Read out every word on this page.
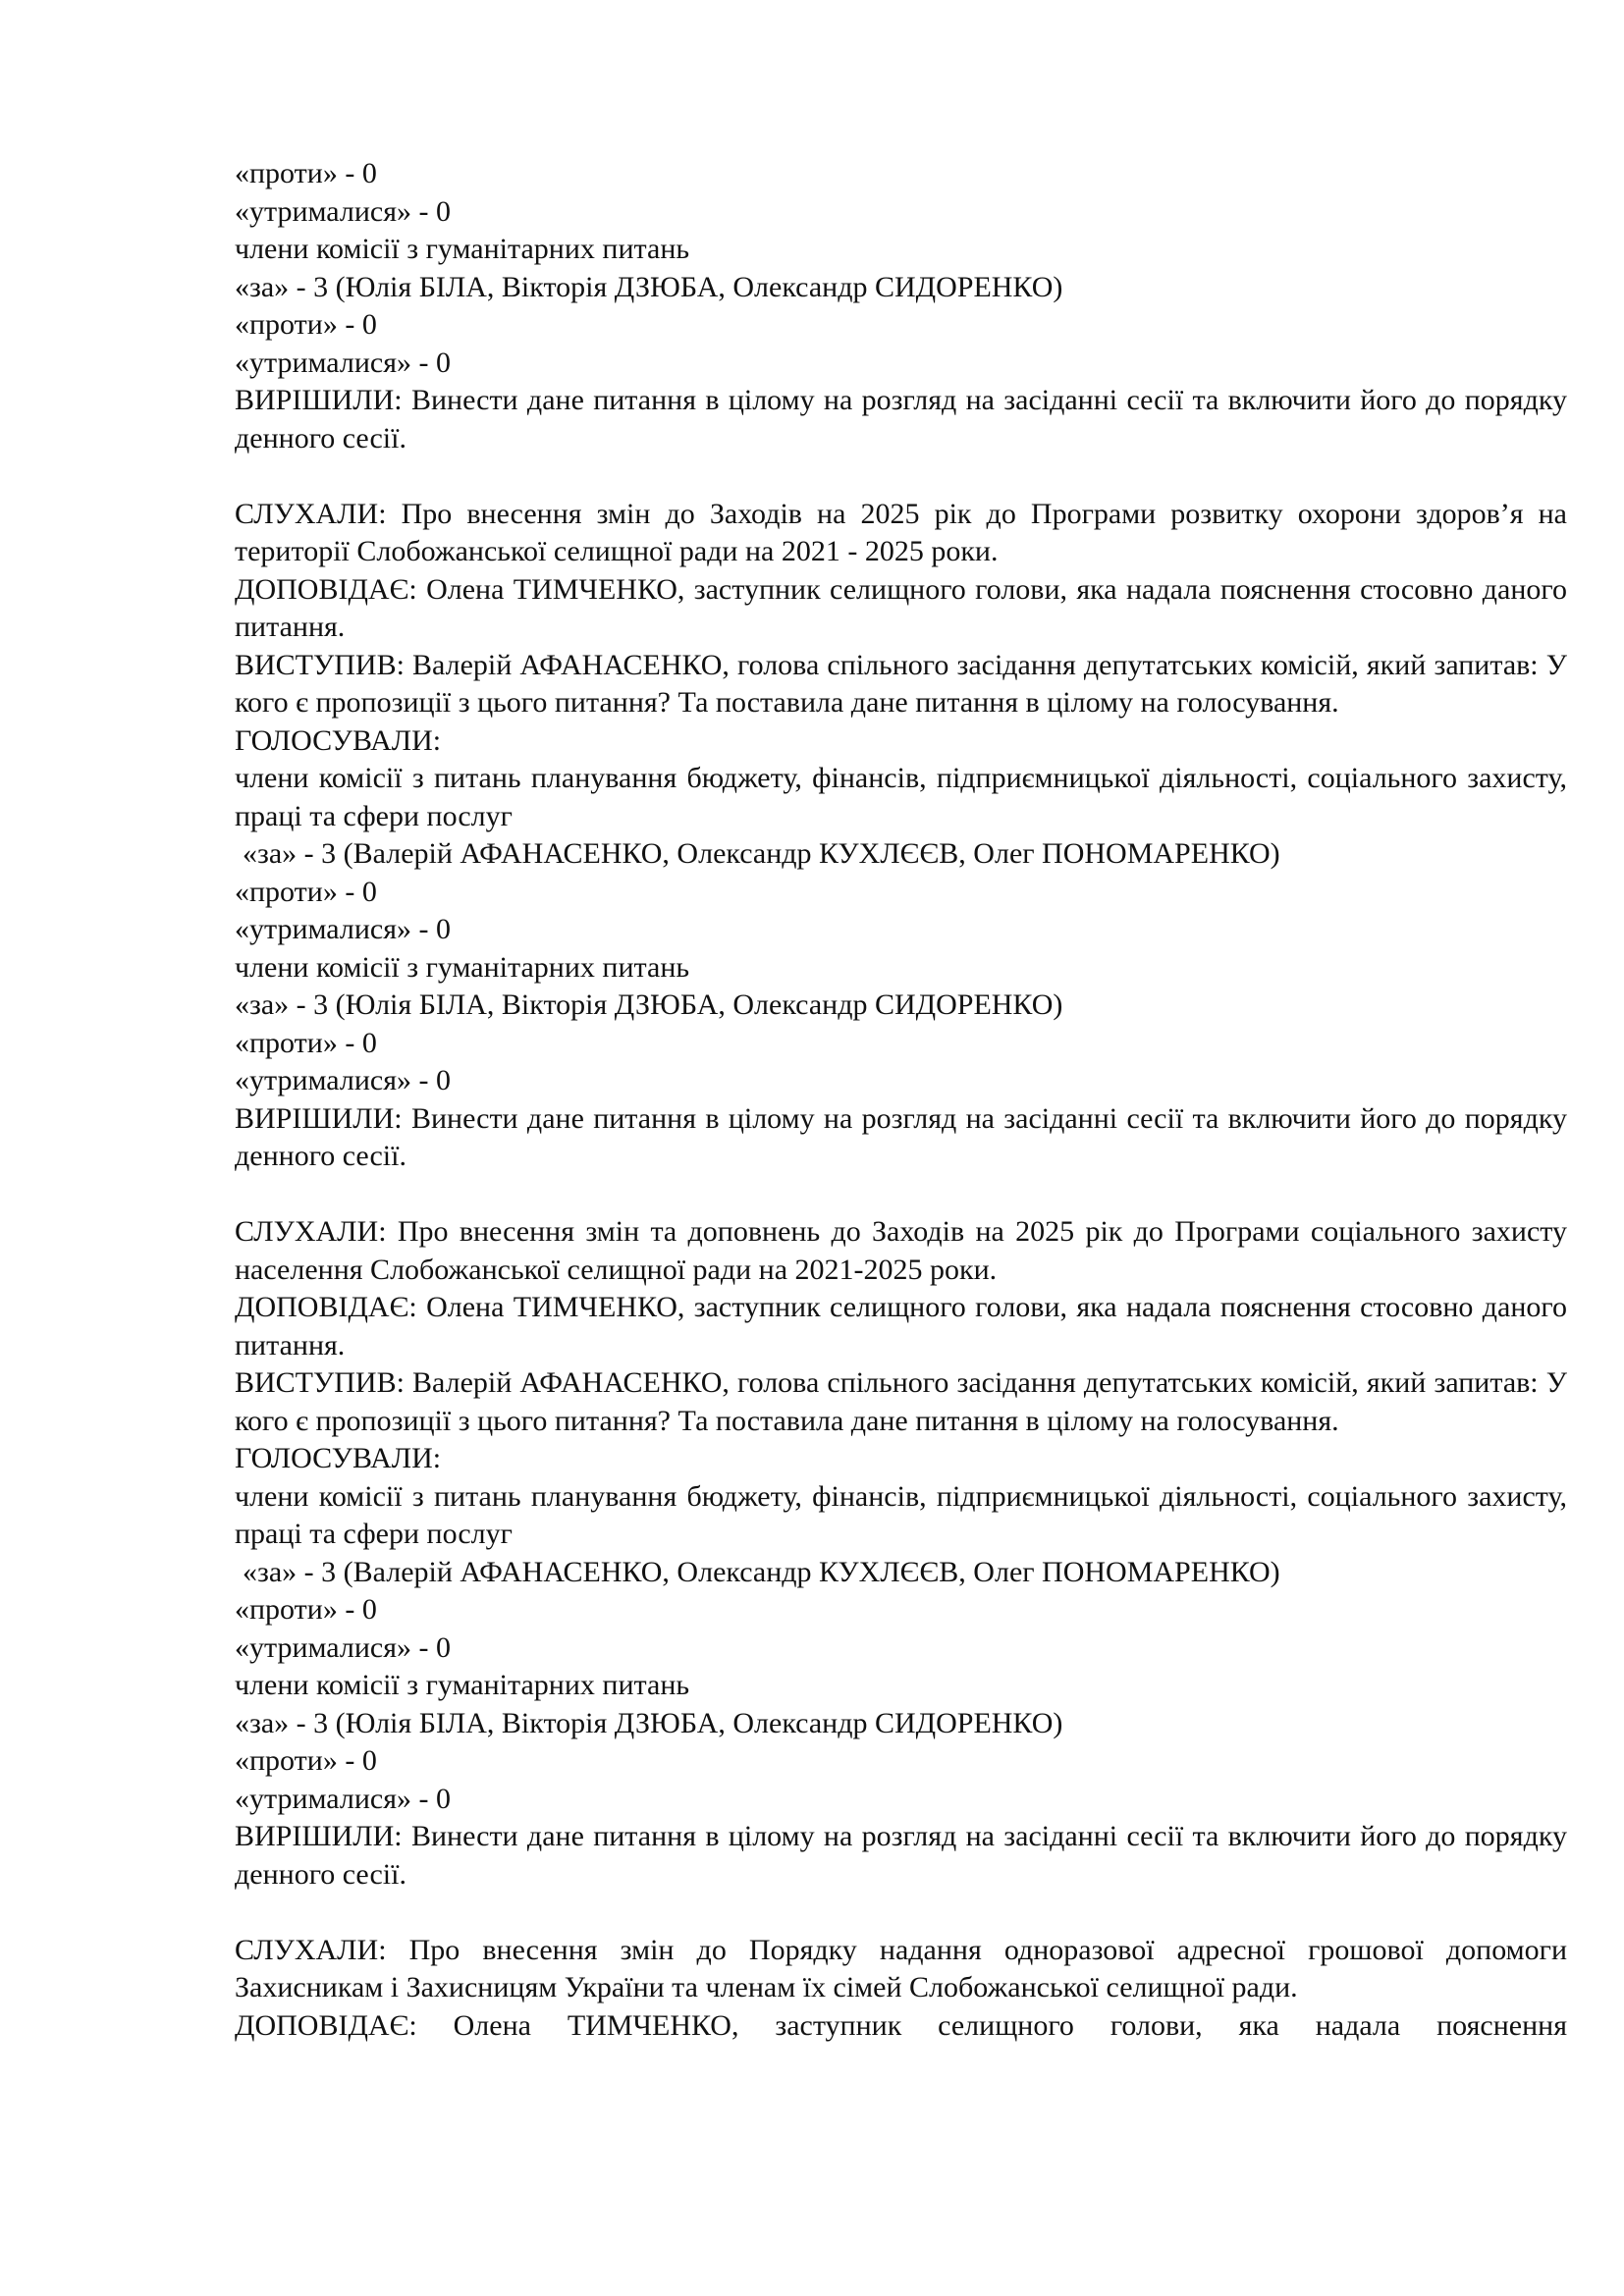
«проти» - 0
«утрималися» - 0
члени комісії з гуманітарних питань
«за» - 3 (Юлія БІЛА, Вікторія ДЗЮБА, Олександр СИДОРЕНКО)
«проти» - 0
«утрималися» - 0
ВИРІШИЛИ: Винести дане питання в цілому на розгляд на засіданні сесії та включити його до порядку денного сесії.
СЛУХАЛИ: Про внесення змін до Заходів на 2025 рік до Програми розвитку охорони здоров’я на території Слобожанської селищної ради на 2021 - 2025 роки.
ДОПОВІДАЄ: Олена ТИМЧЕНКО, заступник селищного голови, яка надала пояснення стосовно даного питання.
ВИСТУПИВ: Валерій АФАНАСЕНКО, голова спільного засідання депутатських комісій, який запитав: У кого є пропозиції з цього питання? Та поставила дане питання в цілому на голосування.
ГОЛОСУВАЛИ:
члени комісії з питань планування бюджету, фінансів, підприємницької діяльності, соціального захисту, праці та сфери послуг
«за» - 3 (Валерій АФАНАСЕНКО, Олександр КУХЛЄЄВ, Олег ПОНОМАРЕНКО)
«проти» - 0
«утрималися» - 0
члени комісії з гуманітарних питань
«за» - 3 (Юлія БІЛА, Вікторія ДЗЮБА, Олександр СИДОРЕНКО)
«проти» - 0
«утрималися» - 0
ВИРІШИЛИ: Винести дане питання в цілому на розгляд на засіданні сесії та включити його до порядку денного сесії.
СЛУХАЛИ: Про внесення змін та доповнень до Заходів на 2025 рік до Програми соціального захисту населення Слобожанської селищної ради на 2021-2025 роки.
ДОПОВІДАЄ: Олена ТИМЧЕНКО, заступник селищного голови, яка надала пояснення стосовно даного питання.
ВИСТУПИВ: Валерій АФАНАСЕНКО, голова спільного засідання депутатських комісій, який запитав: У кого є пропозиції з цього питання? Та поставила дане питання в цілому на голосування.
ГОЛОСУВАЛИ:
члени комісії з питань планування бюджету, фінансів, підприємницької діяльності, соціального захисту, праці та сфери послуг
«за» - 3 (Валерій АФАНАСЕНКО, Олександр КУХЛЄЄВ, Олег ПОНОМАРЕНКО)
«проти» - 0
«утрималися» - 0
члени комісії з гуманітарних питань
«за» - 3 (Юлія БІЛА, Вікторія ДЗЮБА, Олександр СИДОРЕНКО)
«проти» - 0
«утрималися» - 0
ВИРІШИЛИ: Винести дане питання в цілому на розгляд на засіданні сесії та включити його до порядку денного сесії.
СЛУХАЛИ: Про внесення змін до Порядку надання одноразової адресної грошової допомоги Захисникам і Захисницям України та членам їх сімей Слобожанської селищної ради.
ДОПОВІДАЄ: Олена ТИМЧЕНКО, заступник селищного голови, яка надала пояснення
